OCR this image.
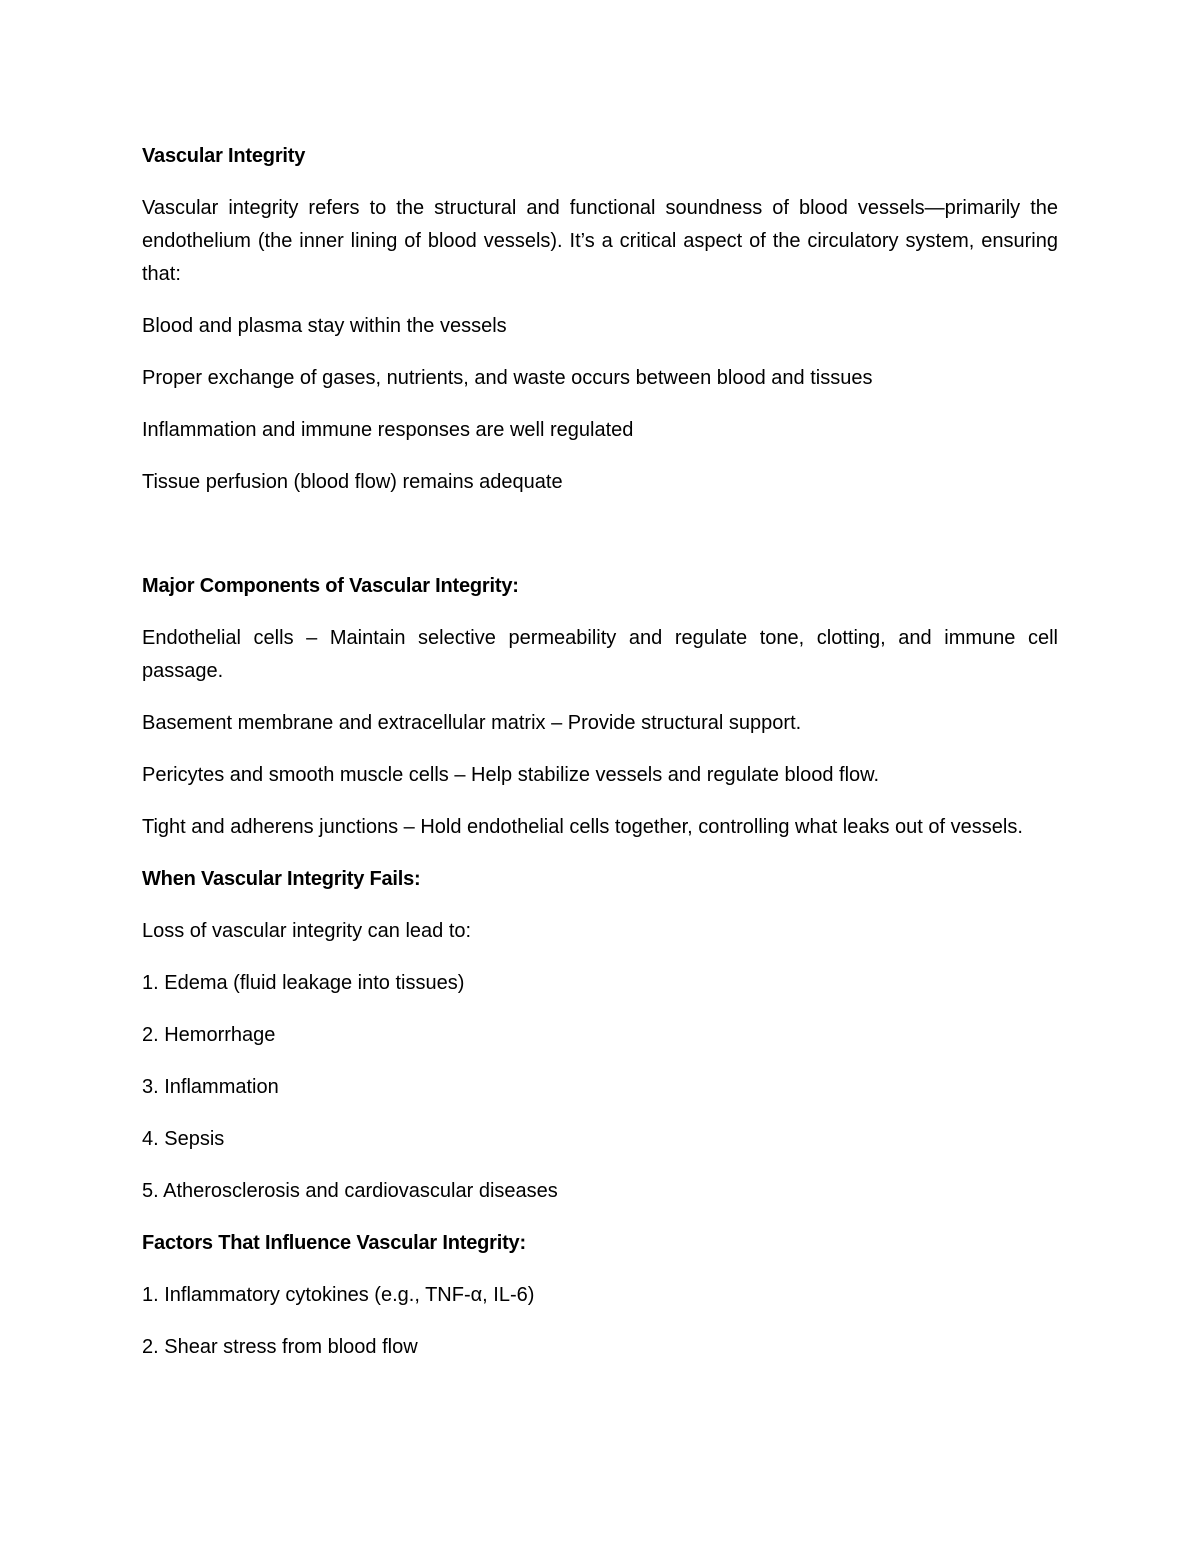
Vascular Integrity
Vascular integrity refers to the structural and functional soundness of blood vessels—primarily the endothelium (the inner lining of blood vessels). It’s a critical aspect of the circulatory system, ensuring that:
Blood and plasma stay within the vessels
Proper exchange of gases, nutrients, and waste occurs between blood and tissues
Inflammation and immune responses are well regulated
Tissue perfusion (blood flow) remains adequate
Major Components of Vascular Integrity:
Endothelial cells – Maintain selective permeability and regulate tone, clotting, and immune cell passage.
Basement membrane and extracellular matrix – Provide structural support.
Pericytes and smooth muscle cells – Help stabilize vessels and regulate blood flow.
Tight and adherens junctions – Hold endothelial cells together, controlling what leaks out of vessels.
When Vascular Integrity Fails:
Loss of vascular integrity can lead to:
1. Edema (fluid leakage into tissues)
2. Hemorrhage
3. Inflammation
4. Sepsis
5. Atherosclerosis and cardiovascular diseases
Factors That Influence Vascular Integrity:
1. Inflammatory cytokines (e.g., TNF-α, IL-6)
2. Shear stress from blood flow
